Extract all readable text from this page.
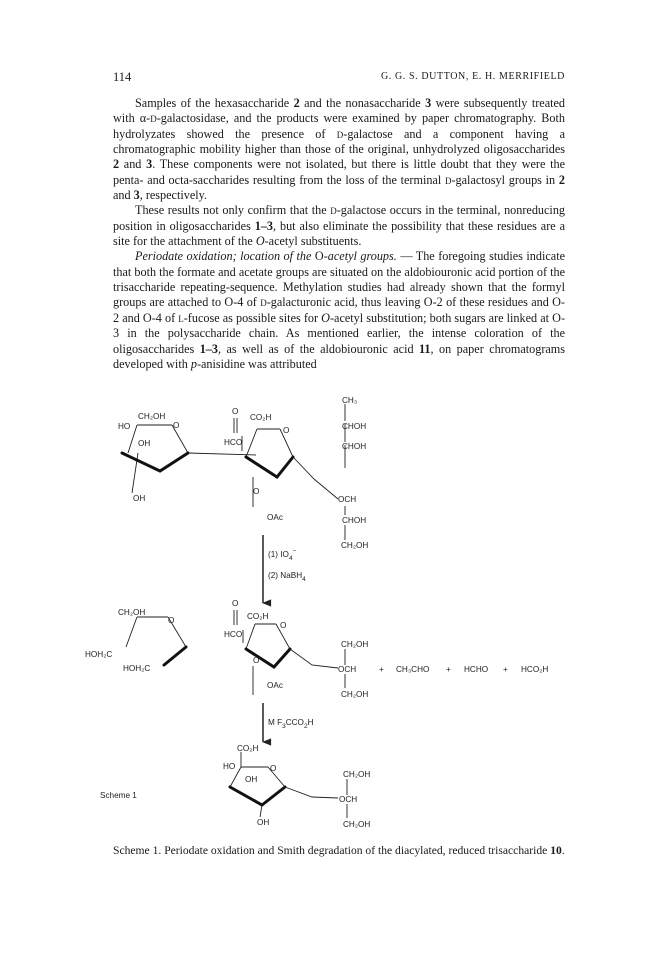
114	G. G. S. DUTTON, E. H. MERRIFIELD

Samples of the hexasaccharide 2 and the nonasaccharide 3 were subsequently treated with α-d-galactosidase, and the products were examined by paper chromatography. Both hydrolyzates showed the presence of d-galactose and a component having a chromatographic mobility higher than those of the original, unhydrolyzed oligosaccharides 2 and 3. These components were not isolated, but there is little doubt that they were the penta- and octa-saccharides resulting from the loss of the terminal d-galactosyl groups in 2 and 3, respectively.

These results not only confirm that the d-galactose occurs in the terminal, nonreducing position in oligosaccharides 1–3, but also eliminate the possibility that these residues are a site for the attachment of the O-acetyl substituents.

Periodate oxidation; location of the O-acetyl groups. — The foregoing studies indicate that both the formate and acetate groups are situated on the aldobiouronic acid portion of the trisaccharide repeating-sequence. Methylation studies had already shown that the formyl groups are attached to O-4 of d-galacturonic acid, thus leaving O-2 of these residues and O-2 and O-4 of l-fucose as possible sites for O-acetyl substitution; both sugars are linked at O-3 in the polysaccharide chain. As mentioned earlier, the intense coloration of the oligosaccharides 1–3, as well as of the aldobiouronic acid 11, on paper chromatograms developed with p-anisidine was attributed

CH₂OH
HO	O
OH
OH
O
CO₂H
HCO
O
O
OAc
CH₃
CHOH
CHOH
OCH
CHOH
CH₂OH
(1) $IO_4^-$
(2) NaBH$_4$
CH₂OH
O
HOH₂C
HOH₂C
O
CO₂H
HCO
O
O
OAc
CH₂OH
OCH
CH₂OH
+ CH₃CHO + HCHO + HCO₂H
M $F_3CCO_2H$
CO₂H
HO	O
OH
OH
CH₂OH
OCH
CH₂OH
Scheme 1
Scheme 1. Periodate oxidation and Smith degradation of the diacylated, reduced trisaccharide 10.
